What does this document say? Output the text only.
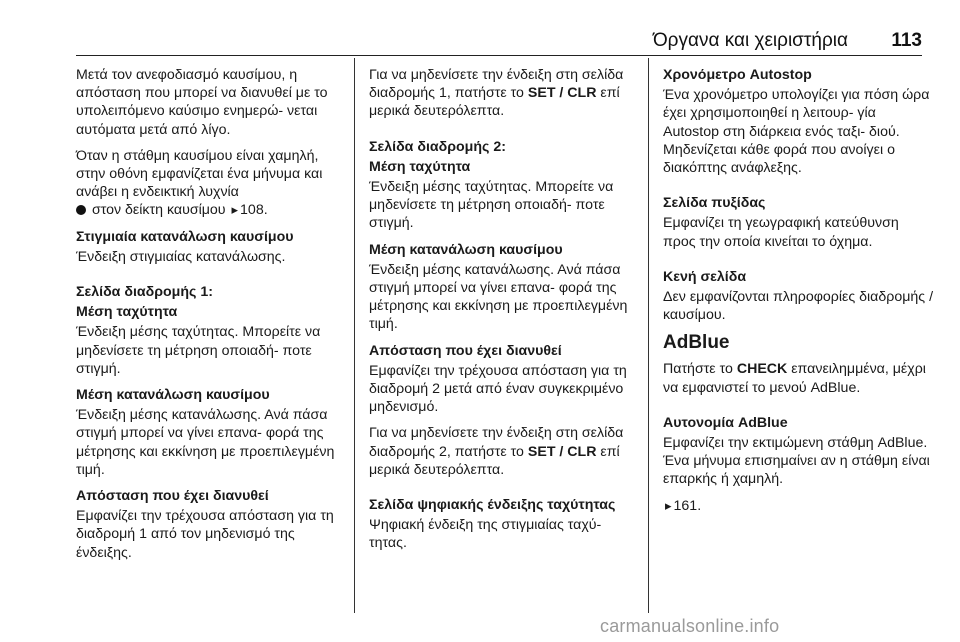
Όργανα και χειριστήρια 113

Μετά τον ανεφοδιασμό καυσίμου, η απόσταση που μπορεί να διανυθεί με το υπολειπόμενο καύσιμο ενημερώ- νεται αυτόματα μετά από λίγο.

Όταν η στάθμη καυσίμου είναι χαμηλή, στην οθόνη εμφανίζεται ένα μήνυμα και ανάβει η ενδεικτική λυχνία
στον δείκτη καυσίμου ▸ 108.

Στιγμιαία κατανάλωση καυσίμου

Ένδειξη στιγμιαίας κατανάλωσης.

Σελίδα διαδρομής 1:
Μέση ταχύτητα

Ένδειξη μέσης ταχύτητας. Μπορείτε να μηδενίσετε τη μέτρηση οποιαδή- ποτε στιγμή.

Μέση κατανάλωση καυσίμου

Ένδειξη μέσης κατανάλωσης. Ανά πάσα στιγμή μπορεί να γίνει επανα- φορά της μέτρησης και εκκίνηση με προεπιλεγμένη τιμή.

Απόσταση που έχει διανυθεί

Εμφανίζει την τρέχουσα απόσταση για τη διαδρομή 1 από τον μηδενισμό της ένδειξης.

Για να μηδενίσετε την ένδειξη στη σελίδα διαδρομής 1, πατήστε το SET / CLR επί μερικά δευτερόλεπτα.

Σελίδα διαδρομής 2:
Μέση ταχύτητα

Ένδειξη μέσης ταχύτητας. Μπορείτε να μηδενίσετε τη μέτρηση οποιαδή- ποτε στιγμή.

Μέση κατανάλωση καυσίμου

Ένδειξη μέσης κατανάλωσης. Ανά πάσα στιγμή μπορεί να γίνει επανα- φορά της μέτρησης και εκκίνηση με προεπιλεγμένη τιμή.

Απόσταση που έχει διανυθεί

Εμφανίζει την τρέχουσα απόσταση για τη διαδρομή 2 μετά από έναν συγκεκριμένο μηδενισμό.

Για να μηδενίσετε την ένδειξη στη σελίδα διαδρομής 2, πατήστε το SET / CLR επί μερικά δευτερόλεπτα.

Σελίδα ψηφιακής ένδειξης ταχύτητας

Ψηφιακή ένδειξη της στιγμιαίας ταχύ- τητας.

Χρονόμετρο Autostop

Ένα χρονόμετρο υπολογίζει για πόση ώρα έχει χρησιμοποιηθεί η λειτουρ- γία Autostop στη διάρκεια ενός ταξι- διού. Μηδενίζεται κάθε φορά που ανοίγει ο διακόπτης ανάφλεξης.

Σελίδα πυξίδας

Εμφανίζει τη γεωγραφική κατεύθυνση προς την οποία κινείται το όχημα.

Κενή σελίδα

Δεν εμφανίζονται πληροφορίες διαδρομής / καυσίμου.

AdBlue

Πατήστε το CHECK επανειλημμένα, μέχρι να εμφανιστεί το μενού AdBlue.

Αυτονομία AdBlue

Εμφανίζει την εκτιμώμενη στάθμη AdBlue. Ένα μήνυμα επισημαίνει αν η στάθμη είναι επαρκής ή χαμηλή.

▸ 161.

carmanualsonline.info
